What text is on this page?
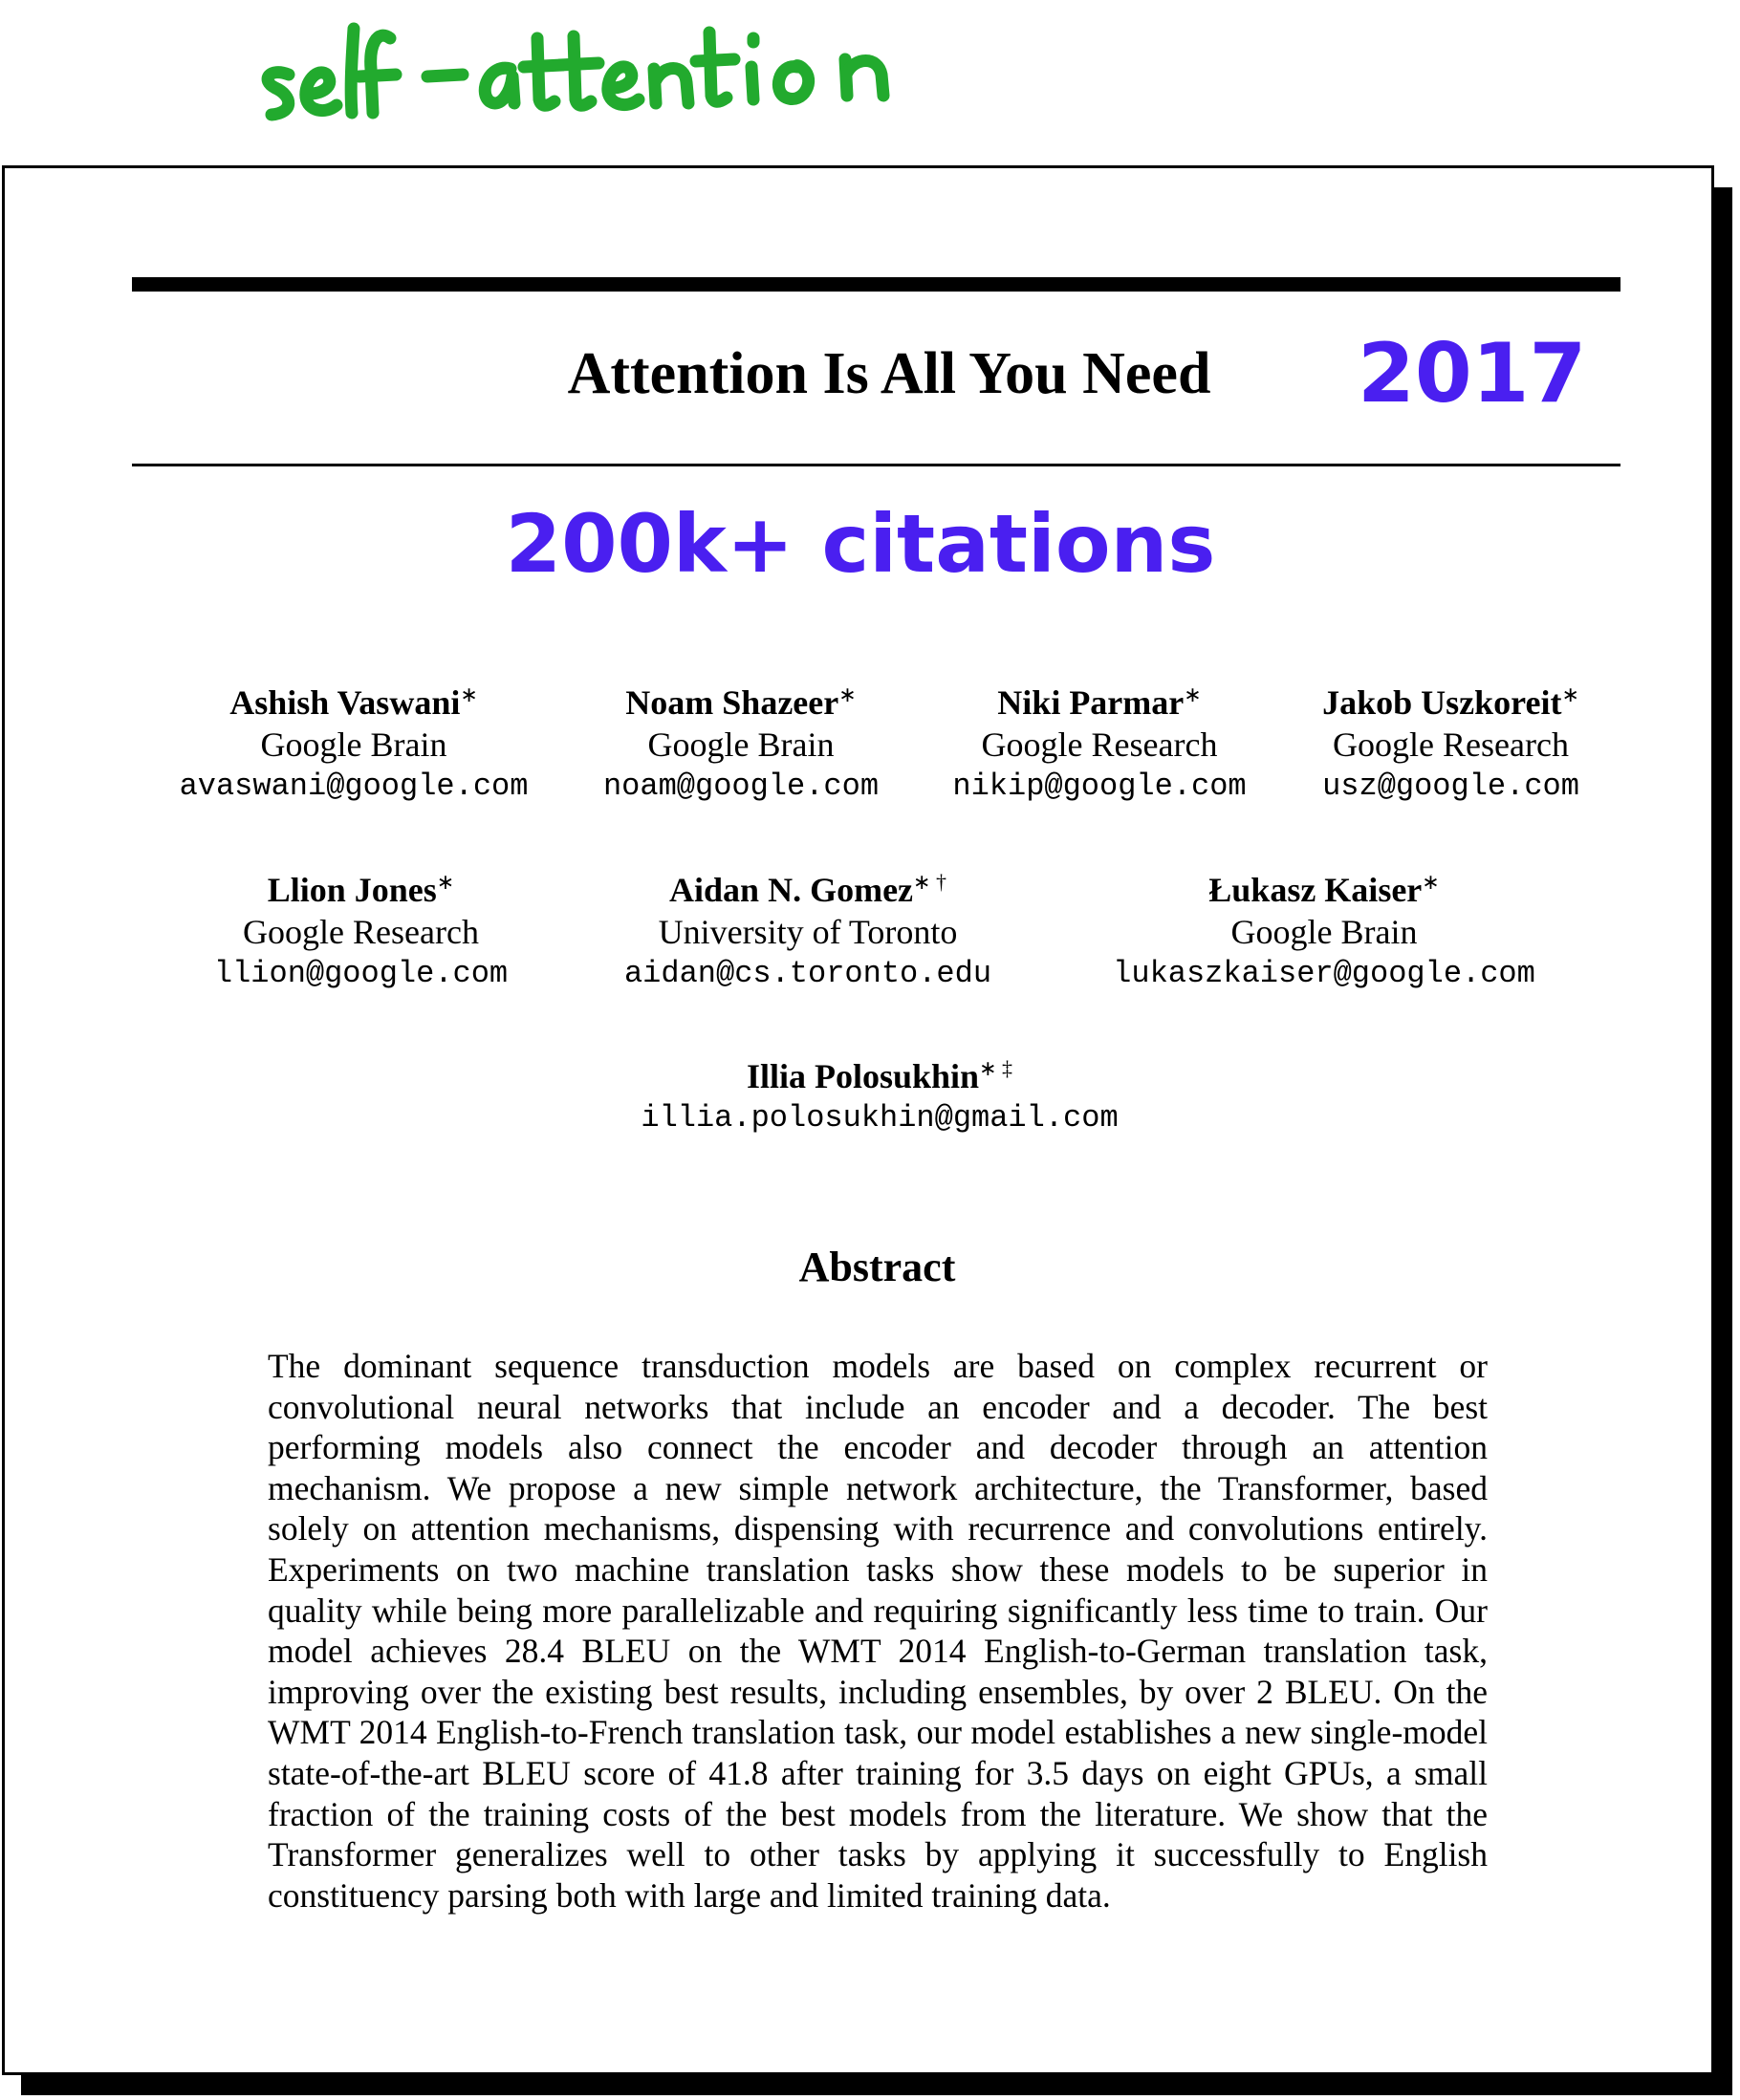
Attention Is All You Need	2017
200k+ citations
Ashish Vaswani∗
Google Brain
avaswani@google.com
Noam Shazeer∗
Google Brain
noam@google.com
Niki Parmar∗
Google Research
nikip@google.com
Jakob Uszkoreit∗
Google Research
usz@google.com
Llion Jones∗
Google Research
llion@google.com
Aidan N. Gomez∗ †
University of Toronto
aidan@cs.toronto.edu
Łukasz Kaiser∗
Google Brain
lukaszkaiser@google.com
Illia Polosukhin∗ ‡
illia.polosukhin@gmail.com
Abstract
The dominant sequence transduction models are based on complex recurrent or convolutional neural networks that include an encoder and a decoder. The best performing models also connect the encoder and decoder through an attention mechanism. We propose a new simple network architecture, the Transformer, based solely on attention mechanisms, dispensing with recurrence and convolutions entirely. Experiments on two machine translation tasks show these models to be superior in quality while being more parallelizable and requiring significantly less time to train. Our model achieves 28.4 BLEU on the WMT 2014 English-to-German translation task, improving over the existing best results, including ensembles, by over 2 BLEU. On the WMT 2014 English-to-French translation task, our model establishes a new single-model state-of-the-art BLEU score of 41.8 after training for 3.5 days on eight GPUs, a small fraction of the training costs of the best models from the literature. We show that the Transformer generalizes well to other tasks by applying it successfully to English constituency parsing both with large and limited training data.
